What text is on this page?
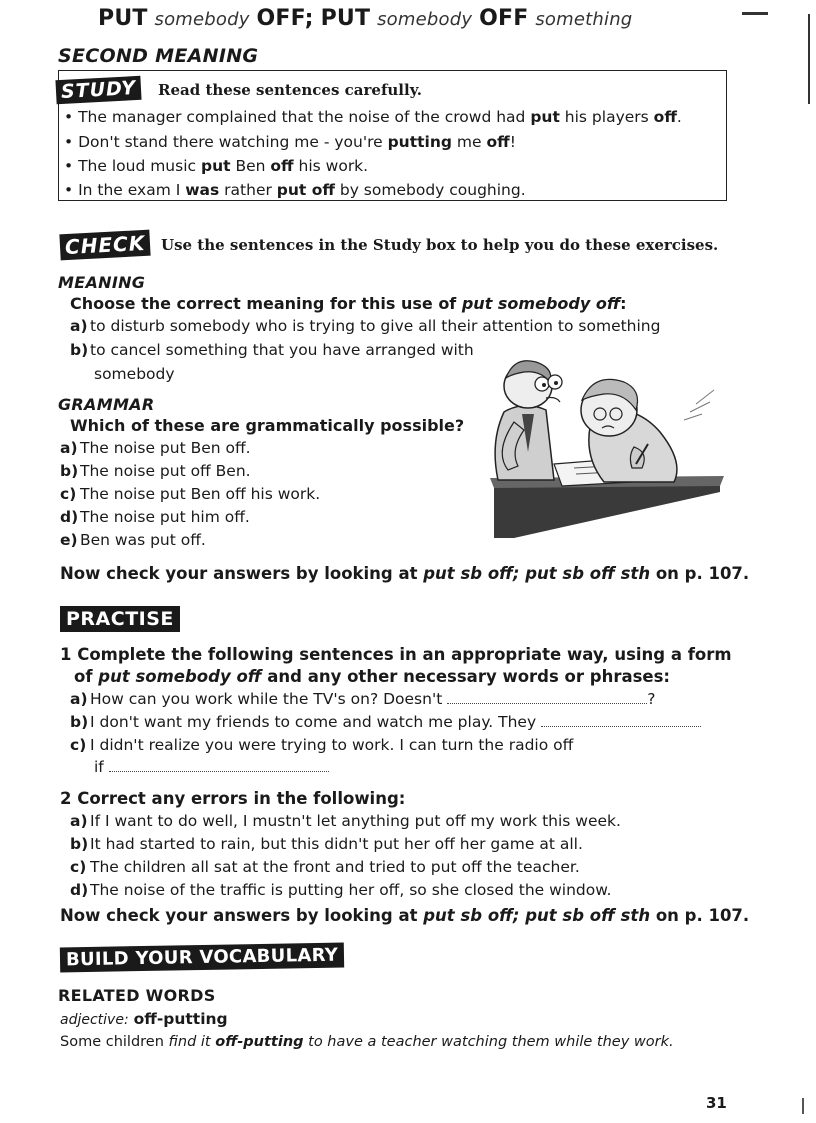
PUT somebody OFF; PUT somebody OFF something
SECOND MEANING
STUDY	Read these sentences carefully.
• The manager complained that the noise of the crowd had put his players off.
• Don't stand there watching me - you're putting me off!
• The loud music put Ben off his work.
• In the exam I was rather put off by somebody coughing.
CHECK	Use the sentences in the Study box to help you do these exercises.
MEANING
Choose the correct meaning for this use of put somebody off:
a) to disturb somebody who is trying to give all their attention to something
b) to cancel something that you have arranged with
somebody
GRAMMAR
Which of these are grammatically possible?
a) The noise put Ben off.
b) The noise put off Ben.
c) The noise put Ben off his work.
d) The noise put him off.
e) Ben was put off.
Now check your answers by looking at put sb off; put sb off sth on p. 107.
PRACTISE
1 Complete the following sentences in an appropriate way, using a form
of put somebody off and any other necessary words or phrases:
a) How can you work while the TV's on? Doesn't	?
b) I don't want my friends to come and watch me play. They
c) I didn't realize you were trying to work. I can turn the radio off
if
2 Correct any errors in the following:
a) If I want to do well, I mustn't let anything put off my work this week.
b) It had started to rain, but this didn't put her off her game at all.
c) The children all sat at the front and tried to put off the teacher.
d) The noise of the traffic is putting her off, so she closed the window.
Now check your answers by looking at put sb off; put sb off sth on p. 107.
BUILD YOUR VOCABULARY
RELATED WORDS
adjective: off-putting
Some children find it off-putting to have a teacher watching them while they work.
31
